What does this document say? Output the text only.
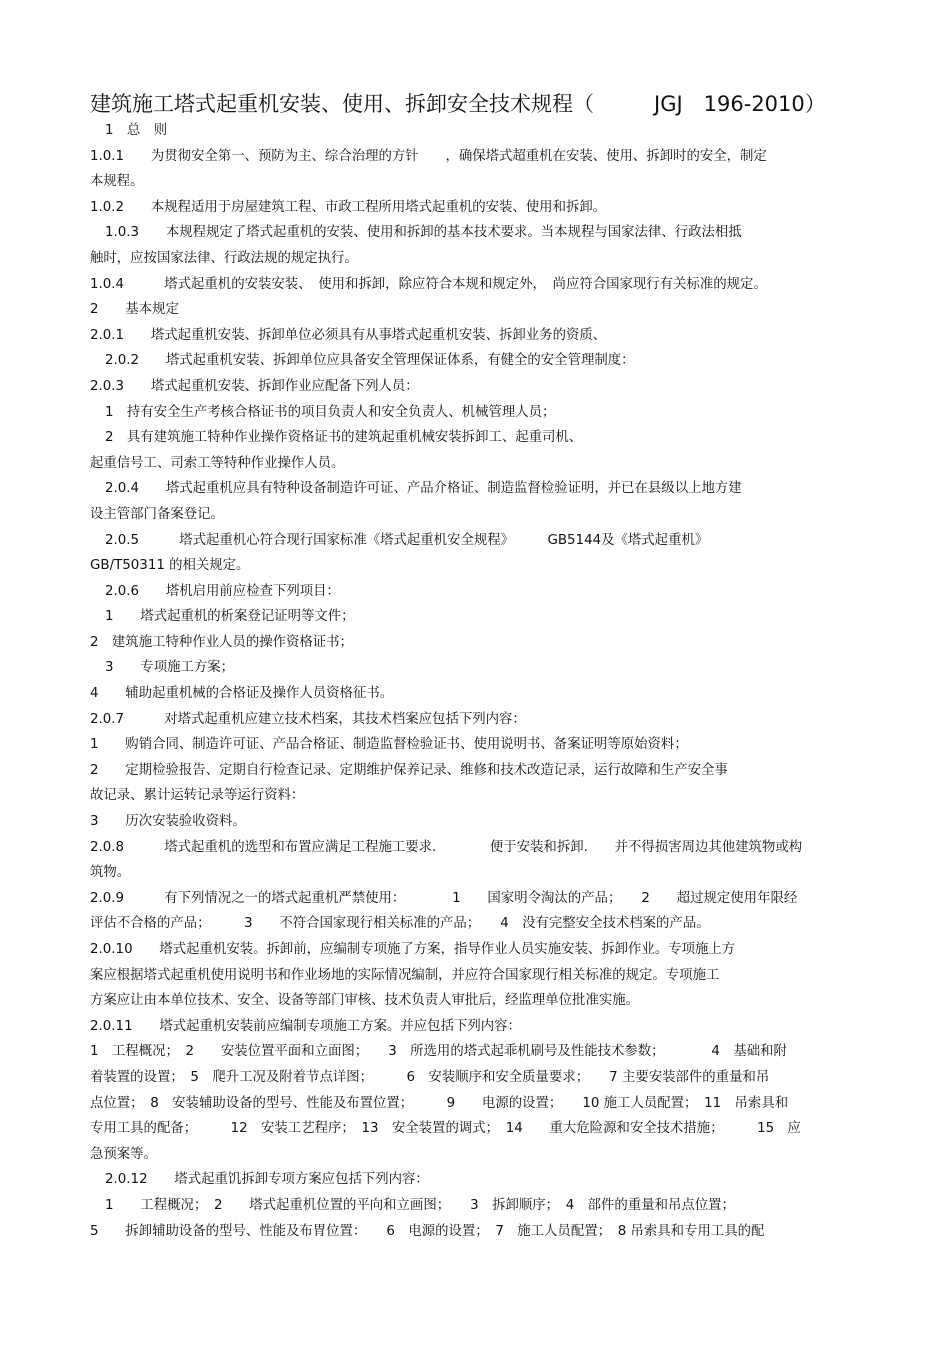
建筑施工塔式起重机安装、使用、拆卸安全技术规程（	JGJ　196-2010）
1　总　则
1.0.1　　为贯彻安全第一、预防为主、综合治理的方针　　，确保塔式超重机在安装、使用、拆卸时的安全，制定
本规程。
1.0.2　　本规程适用于房屋建筑工程、市政工程所用塔式起重机的安装、使用和拆卸。
1.0.3　　本规程规定了塔式起重机的安装、使用和拆卸的基本技术要求。当本规程与国家法律、行政法相抵
触时，应按国家法律、行政法规的规定执行。
1.0.4　　　塔式起重机的安装安装、　使用和拆卸，除应符合本规和规定外，　尚应符合国家现行有关标准的规定。
2　　基本规定
2.0.1　　塔式起重机安装、拆卸单位必须具有从事塔式起重机安装、拆卸业务的资质、
2.0.2　　塔式起重机安装、拆卸单位应具备安全管理保证体系，有健全的安全管理制度：
2.0.3　　塔式起重机安装、拆卸作业应配备下列人员：
1　持有安全生产考核合格证书的项目负责人和安全负责人、机械管理人员；
2　具有建筑施工特种作业操作资格证书的建筑起重机械安装拆卸工、起重司机、
起重信号工、司索工等特种作业操作人员。
2.0.4　　塔式起重机应具有特种设备制造许可证、产品介格证、制造监督检验证明，并已在县级以上地方建
设主管部门备案登记。
2.0.5　　　塔式起重机心符合现行国家标准《塔式起重机安全规程》　　　GB5144及《塔式起重机》
GB/T50311 的相关规定。
2.0.6　　塔机启用前应检查下列项目：
1　　塔式起重机的析案登记证明等文件；
2　建筑施工特种作业人员的操作资格证书；
3　　专项施工方案；
4　　辅助起重机械的合格证及操作人员资格征书。
2.0.7　　　对塔式起重机应建立技术档案，其技术档案应包括下列内容：
1　　购销合同、制造许可证、产品合格证、制造监督检验证书、使用说明书、备案证明等原始资料；
2　　定期检验报告、定期自行检查记录、定期维护保养记录、维修和技术改造记录，运行故障和生产安全事
故记录、累计运转记录等运行资料：
3　　历次安装验收资料。
2.0.8　　　塔式起重机的选型和布置应满足工程施工要求.　　　　便于安装和拆卸.　　并不得损害周边其他建筑物或构
筑物。
2.0.9　　　有下列情况之一的塔式起重机严禁使用：　　　　1　　国家明令淘汰的产品；　　2　　超过规定使用年限经
评估不合格的产品；　　　3　　不符合国家现行相关标准的产品；　　4　没有完整安全技术档案的产品。
2.0.10　　塔式起重机安装。拆卸前，应编制专项施了方案，指导作业人员实施安装、拆卸作业。专项施上方
案应根据塔式起重机使用说明书和作业场地的实际情况编制，并应符合国家现行相关标准的规定。专项施工
方案应让由本单位技术、安全、设备等部门审核、技术负责人审批后，经监理单位批准实施。
2.0.11　　塔式起重机安装前应编制专项施工方案。并应包括下列内容：
1　工程概况；　2　　安装位置平面和立面图；　　3　所选用的塔式起乖机刷号及性能技术参数；　　　　4　基础和附
着装置的设置；　5　爬升工况及附着节点详图；　　　6　安装顺序和安全质量要求；　　7 主要安装部件的重量和吊
点位置；　8　安装辅助设备的型号、性能及布置位置；　　　9　　电源的设置；　　10 施工人员配置；　11　吊索具和
专用工具的配备；　　　12　安装工艺程序；　13　安全装置的调式；　14　　重大危险源和安全技术措施；　　　15　应
急预案等。
2.0.12　　塔式起重饥拆卸专项方案应包括下列内容：
1　　工程概况；　2　　塔式起重机位置的平向和立画图；　　3　拆卸顺序；　4　部件的重量和吊点位置；
5　　拆卸辅助设备的型号、性能及布胃位置：　　6　电源的设置；　7　施工人员配置；　8 吊索具和专用工具的配
